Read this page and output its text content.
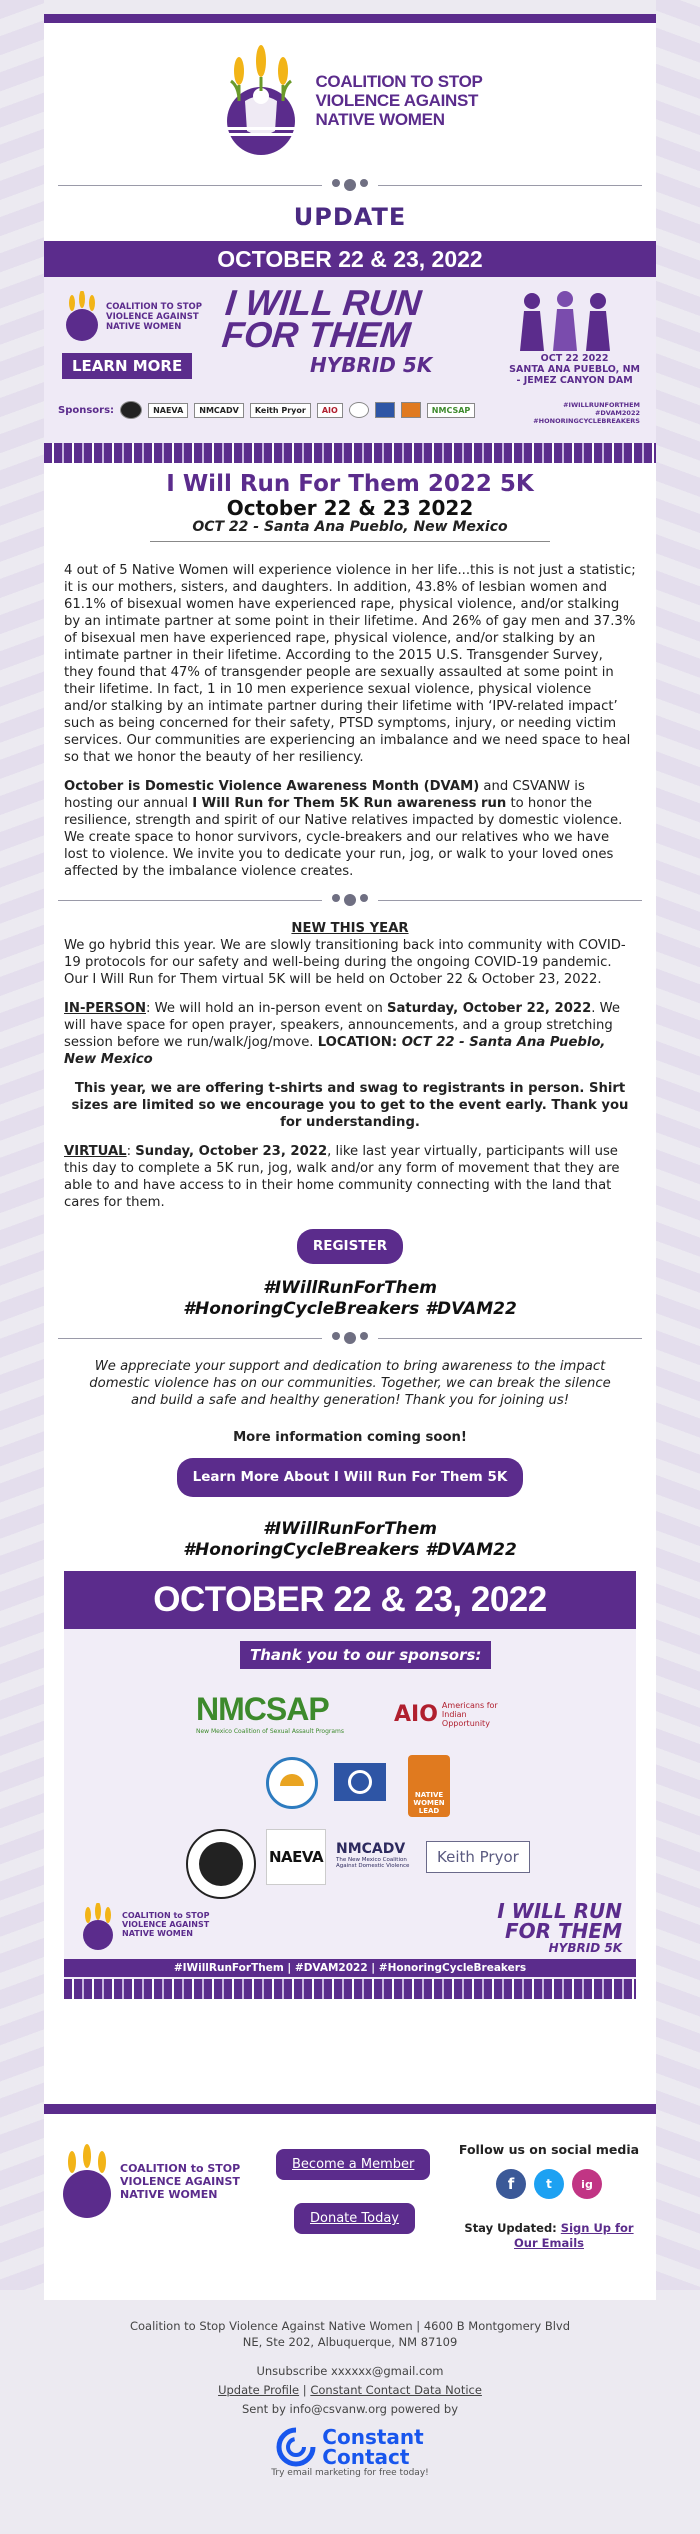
COALITION TO STOP
VIOLENCE AGAINST
NATIVE WOMEN
UPDATE
OCTOBER 22 & 23, 2022
COALITION TO STOP
VIOLENCE AGAINST
NATIVE WOMEN
LEARN MORE
I WILL RUN
FOR THEM
HYBRID 5K	OCT 22 2022
SANTA ANA PUEBLO, NM
- JEMEZ CANYON DAM
Sponsors:	NAEVA	NMCADV	Keith Pryor	AIO	NMCSAP
#IWILLRUNFORTHEM
#DVAM2022
#HONORINGCYCLEBREAKERS
I Will Run For Them 2022 5K
October 22 & 23 2022
OCT 22 - Santa Ana Pueblo, New Mexico

4 out of 5 Native Women will experience violence in her life...this is not just a statistic; it is our mothers, sisters, and daughters. In addition, 43.8% of lesbian women and 61.1% of bisexual women have experienced rape, physical violence, and/or stalking by an intimate partner at some point in their lifetime. And 26% of gay men and 37.3% of bisexual men have experienced rape, physical violence, and/or stalking by an intimate partner in their lifetime. According to the 2015 U.S. Transgender Survey, they found that 47% of transgender people are sexually assaulted at some point in their lifetime. In fact, 1 in 10 men experience sexual violence, physical violence and/or stalking by an intimate partner during their lifetime with ‘IPV-related impact’ such as being concerned for their safety, PTSD symptoms, injury, or needing victim services. Our communities are experiencing an imbalance and we need space to heal so that we honor the beauty of her resiliency.

October is Domestic Violence Awareness Month (DVAM) and CSVANW is hosting our annual I Will Run for Them 5K Run awareness run to honor the resilience, strength and spirit of our Native relatives impacted by domestic violence. We create space to honor survivors, cycle-breakers and our relatives who we have lost to violence. We invite you to dedicate your run, jog, or walk to your loved ones affected by the imbalance violence creates.

NEW THIS YEAR

We go hybrid this year. We are slowly transitioning back into community with COVID-19 protocols for our safety and well-being during the ongoing COVID-19 pandemic. Our I Will Run for Them virtual 5K will be held on October 22 & October 23, 2022.

IN-PERSON: We will hold an in-person event on Saturday, October 22, 2022. We will have space for open prayer, speakers, announcements, and a group stretching session before we run/walk/jog/move. LOCATION: OCT 22 - Santa Ana Pueblo, New Mexico

This year, we are offering t-shirts and swag to registrants in person. Shirt sizes are limited so we encourage you to get to the event early. Thank you for understanding.

VIRTUAL: Sunday, October 23, 2022, like last year virtually, participants will use this day to complete a 5K run, jog, walk and/or any form of movement that they are able to and have access to in their home community connecting with the land that cares for them.

REGISTER
#IWillRunForThem
#HonoringCycleBreakers #DVAM22

We appreciate your support and dedication to bring awareness to the impact domestic violence has on our communities. Together, we can break the silence and build a safe and healthy generation! Thank you for joining us!

More information coming soon!

Learn More About I Will Run For Them 5K
#IWillRunForThem
#HonoringCycleBreakers #DVAM22
OCTOBER 22 & 23, 2022
Thank you to our sponsors:
NMCSAP
New Mexico Coalition of Sexual Assault Programs
AIO Americans for Indian Opportunity
NATIVE WOMEN LEAD
NAEVA NMCADV
The New Mexico Coalition Against Domestic Violence	Keith Pryor
COALITION to STOP
VIOLENCE AGAINST
NATIVE WOMEN
I WILL RUN FOR THEM
HYBRID 5K
#IWillRunForThem | #DVAM2022 | #HonoringCycleBreakers
COALITION to STOP
VIOLENCE AGAINST
NATIVE WOMEN
Become a Member
Donate Today
Follow us on social media
f	t	ig
Stay Updated: Sign Up for Our Emails
Coalition to Stop Violence Against Native Women | 4600 B Montgomery Blvd NE, Ste 202, Albuquerque, NM 87109
Unsubscribe xxxxxx@gmail.com
Update Profile | Constant Contact Data Notice
Sent by info@csvanw.org powered by
Constant
Contact
Try email marketing for free today!
